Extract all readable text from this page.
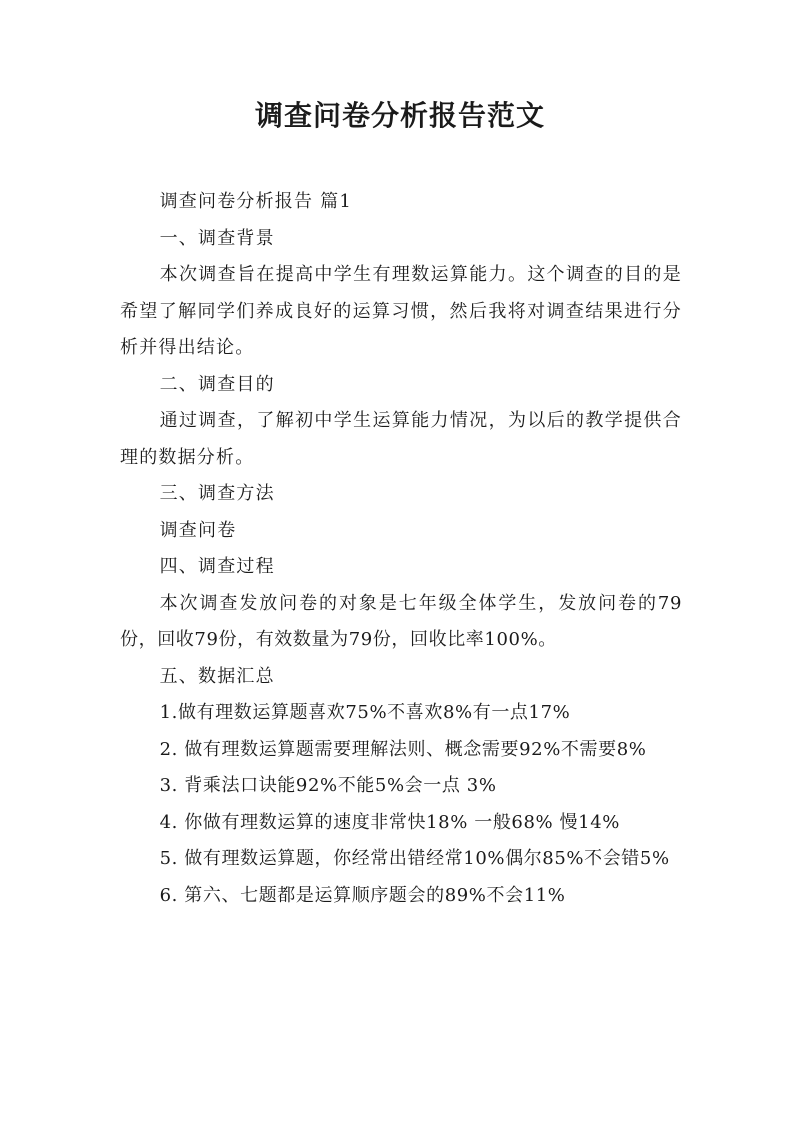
调查问卷分析报告范文

调查问卷分析报告 篇1

一、调查背景

本次调查旨在提高中学生有理数运算能力。这个调查的目的是希望了解同学们养成良好的运算习惯，然后我将对调查结果进行分析并得出结论。

二、调查目的

通过调查，了解初中学生运算能力情况，为以后的教学提供合理的数据分析。

三、调查方法

调查问卷

四、调查过程

本次调查发放问卷的对象是七年级全体学生，发放问卷的79份，回收79份，有效数量为79份，回收比率100%。

五、数据汇总

1.做有理数运算题喜欢75%不喜欢8%有一点17%

2. 做有理数运算题需要理解法则、概念需要92%不需要8%

3. 背乘法口诀能92%不能5%会一点 3%

4. 你做有理数运算的速度非常快18% 一般68% 慢14%

5. 做有理数运算题，你经常出错经常10%偶尔85%不会错5%

6. 第六、七题都是运算顺序题会的89%不会11%
